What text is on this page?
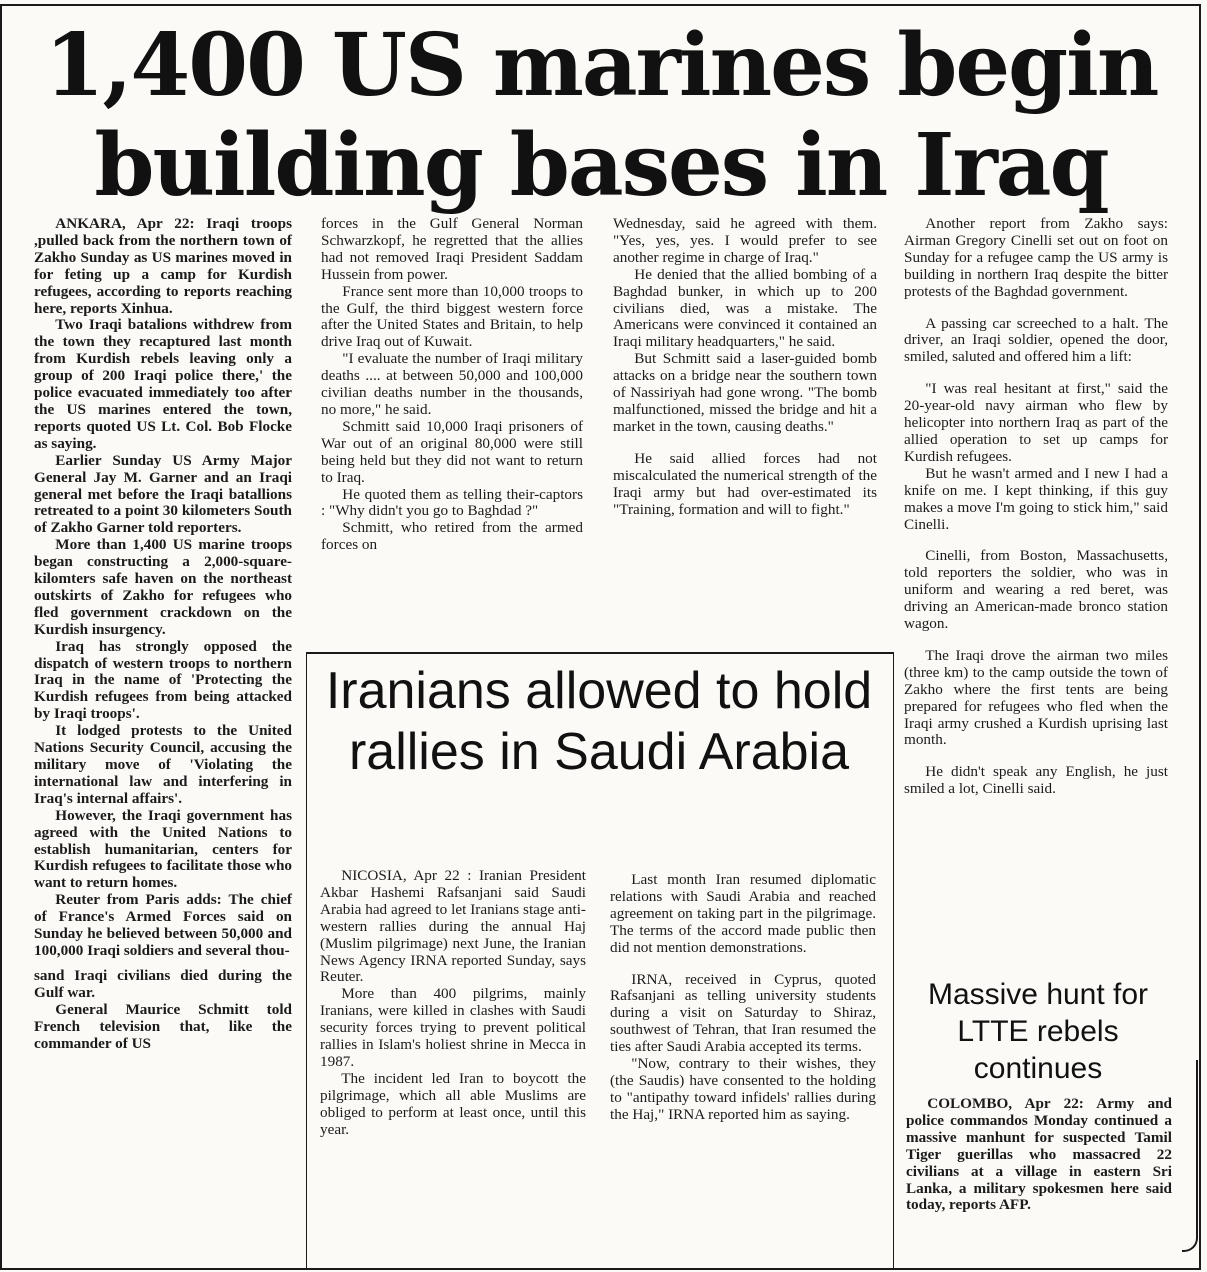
1,400 US marines begin
building bases in Iraq

ANKARA, Apr 22: Iraqi troops ,pulled back from the northern town of Zakho Sunday as US marines moved in for feting up a camp for Kurdish refugees, according to reports reaching here, reports Xinhua.

Two Iraqi batalions withdrew from the town they recaptured last month from Kurdish rebels leaving only a group of 200 Iraqi police there,' the police evacuated immediately too after the US marines entered the town, reports quoted US Lt. Col. Bob Flocke as saying.

Earlier Sunday US Army Major General Jay M. Garner and an Iraqi general met before the Iraqi batallions retreated to a point 30 kilometers South of Zakho Garner told reporters.

More than 1,400 US marine troops began constructing a 2,000-square-kilomters safe haven on the northeast outskirts of Zakho for refugees who fled government crackdown on the Kurdish insurgency.

Iraq has strongly opposed the dispatch of western troops to northern Iraq in the name of 'Protecting the Kurdish refugees from being attacked by Iraqi troops'.

It lodged protests to the United Nations Security Council, accusing the military move of 'Violating the international law and interfering in Iraq's internal affairs'.

However, the Iraqi government has agreed with the United Nations to establish humanitarian, centers for Kurdish refugees to facilitate those who want to return homes.

Reuter from Paris adds: The chief of France's Armed Forces said on Sunday he believed between 50,000 and 100,000 Iraqi soldiers and several thou-

sand Iraqi civilians died during the Gulf war.

General Maurice Schmitt told French television that, like the commander of US

forces in the Gulf General Norman Schwarzkopf, he regretted that the allies had not removed Iraqi President Saddam Hussein from power.

France sent more than 10,000 troops to the Gulf, the third biggest western force after the United States and Britain, to help drive Iraq out of Kuwait.

"I evaluate the number of Iraqi military deaths .... at between 50,000 and 100,000 civilian deaths number in the thousands, no more," he said.

Schmitt said 10,000 Iraqi prisoners of War out of an original 80,000 were still being held but they did not want to return to Iraq.

He quoted them as telling their-captors : "Why didn't you go to Baghdad ?"

Schmitt, who retired from the armed forces on

Wednesday, said he agreed with them. "Yes, yes, yes. I would prefer to see another regime in charge of Iraq."

He denied that the allied bombing of a Baghdad bunker, in which up to 200 civilians died, was a mistake. The Americans were convinced it contained an Iraqi military headquarters," he said.

But Schmitt said a laser-guided bomb attacks on a bridge near the southern town of Nassiriyah had gone wrong. "The bomb malfunctioned, missed the bridge and hit a market in the town, causing deaths."

He said allied forces had not miscalculated the numerical strength of the Iraqi army but had over-estimated its "Training, formation and will to fight."

Another report from Zakho says: Airman Gregory Cinelli set out on foot on Sunday for a refugee camp the US army is building in northern Iraq despite the bitter protests of the Baghdad government.

A passing car screeched to a halt. The driver, an Iraqi soldier, opened the door, smiled, saluted and offered him a lift:

"I was real hesitant at first," said the 20-year-old navy airman who flew by helicopter into northern Iraq as part of the allied operation to set up camps for Kurdish refugees.

But he wasn't armed and I new I had a knife on me. I kept thinking, if this guy makes a move I'm going to stick him," said Cinelli.

Cinelli, from Boston, Massachusetts, told reporters the soldier, who was in uniform and wearing a red beret, was driving an American-made bronco station wagon.

The Iraqi drove the airman two miles (three km) to the camp outside the town of Zakho where the first tents are being prepared for refugees who fled when the Iraqi army crushed a Kurdish uprising last month.

He didn't speak any English, he just smiled a lot, Cinelli said.

Iranians allowed to hold rallies in Saudi Arabia

NICOSIA, Apr 22 : Iranian President Akbar Hashemi Rafsanjani said Saudi Arabia had agreed to let Iranians stage anti-western rallies during the annual Haj (Muslim pilgrimage) next June, the Iranian News Agency IRNA reported Sunday, says Reuter.

More than 400 pilgrims, mainly Iranians, were killed in clashes with Saudi security forces trying to prevent political rallies in Islam's holiest shrine in Mecca in 1987.

The incident led Iran to boycott the pilgrimage, which all able Muslims are obliged to perform at least once, until this year.

Last month Iran resumed diplomatic relations with Saudi Arabia and reached agreement on taking part in the pilgrimage. The terms of the accord made public then did not mention demonstrations.

IRNA, received in Cyprus, quoted Rafsanjani as telling university students during a visit on Saturday to Shiraz, southwest of Tehran, that Iran resumed the ties after Saudi Arabia accepted its terms.

"Now, contrary to their wishes, they (the Saudis) have consented to the holding to "antipathy toward infidels' rallies during the Haj," IRNA reported him as saying.

Massive hunt for LTTE rebels continues

COLOMBO, Apr 22: Army and police commandos Monday continued a massive manhunt for suspected Tamil Tiger guerillas who massacred 22 civilians at a village in eastern Sri Lanka, a military spokesmen here said today, reports AFP.
